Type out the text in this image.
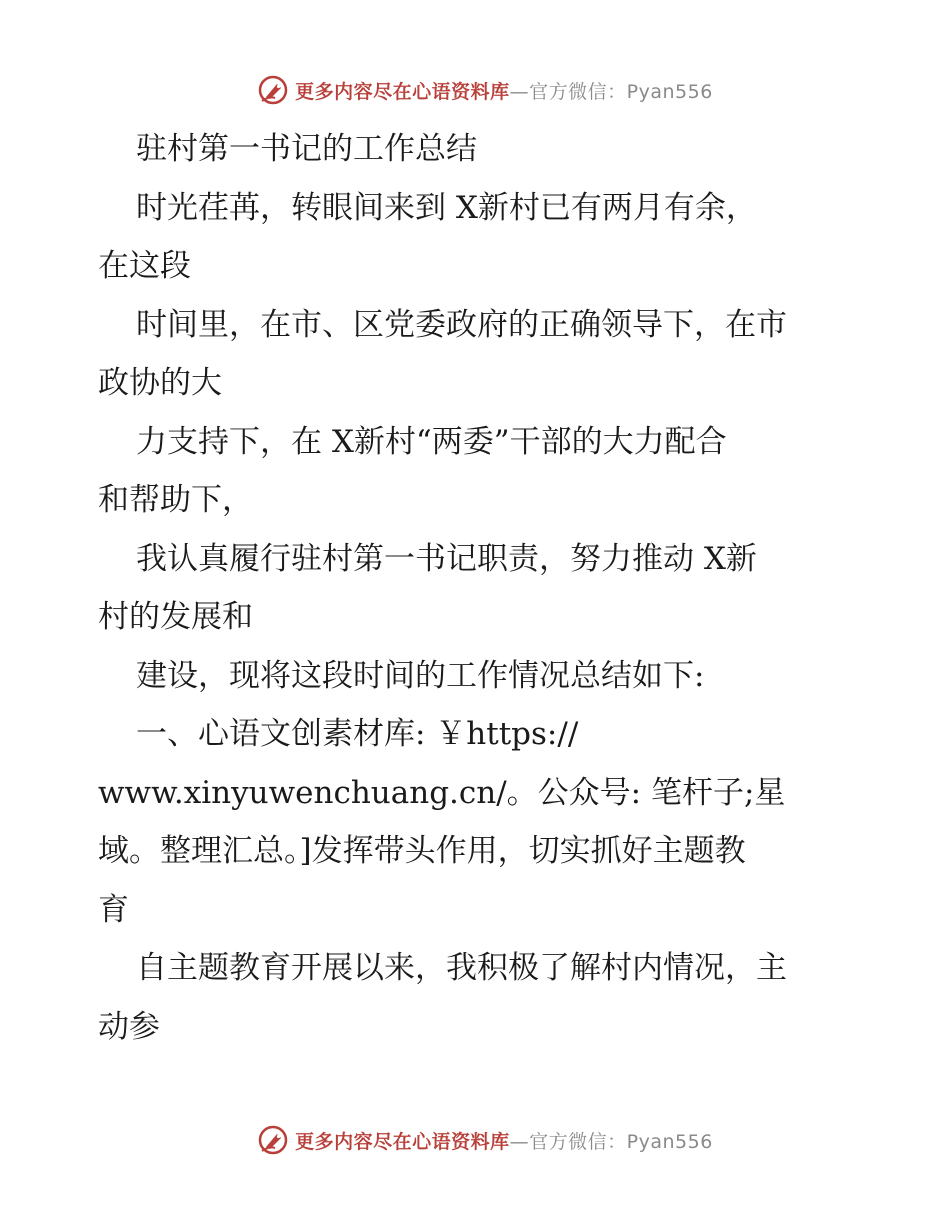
更多内容尽在心语资料库—官方微信：Pyan556

驻村第一书记的工作总结

时光荏苒，转眼间来到 X新村已有两月有余，

在这段

时间里，在市、区党委政府的正确领导下，在市

政协的大

力支持下，在 X新村“两委”干部的大力配合

和帮助下，

我认真履行驻村第一书记职责，努力推动 X新

村的发展和

建设，现将这段时间的工作情况总结如下:

一、心语文创素材库: ￥https://

www.xinyuwenchuang.cn/。公众号: 笔杆子;星

域。整理汇总。]发挥带头作用，切实抓好主题教

育

自主题教育开展以来，我积极了解村内情况，主

动参

更多内容尽在心语资料库—官方微信：Pyan556
